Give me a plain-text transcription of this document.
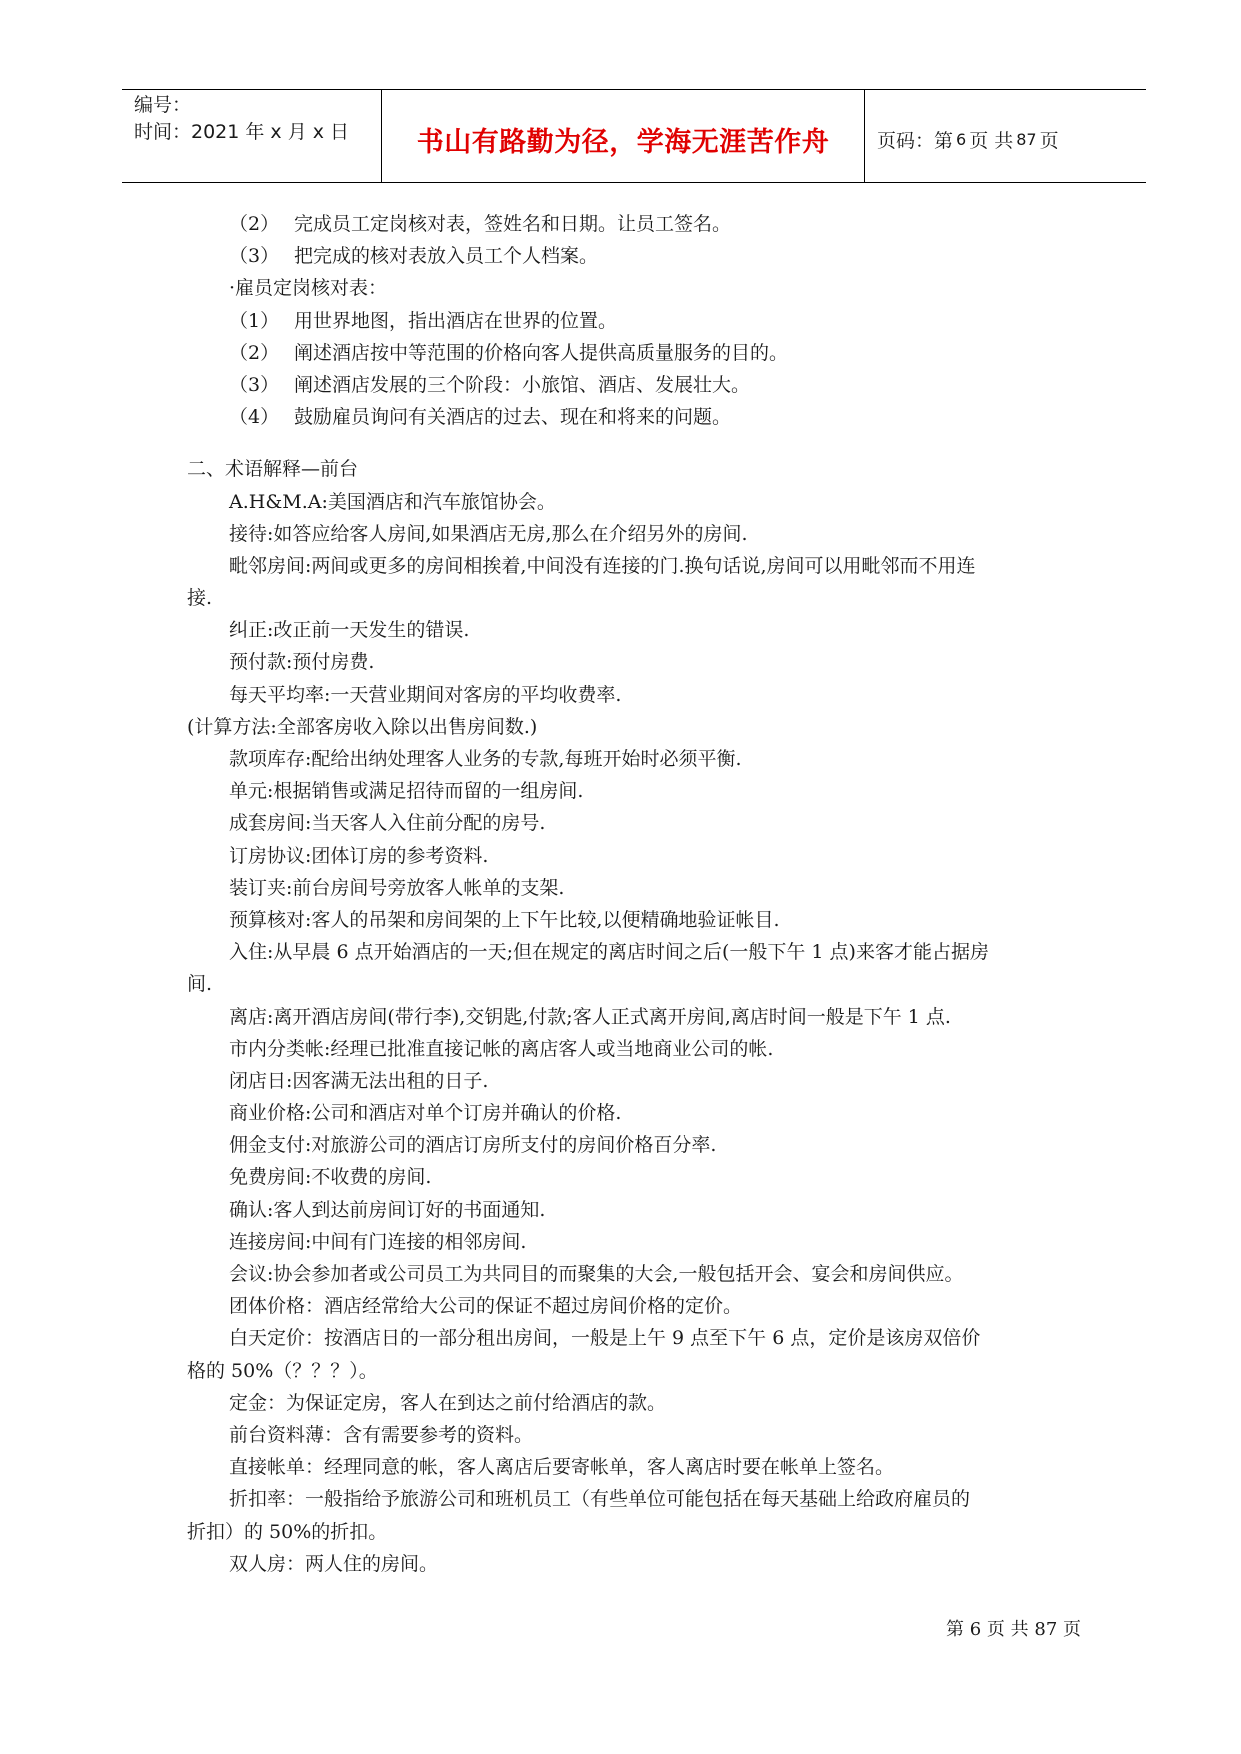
编号：
时间：2021 年 x 月 x 日	书山有路勤为径，学海无涯苦作舟	页码：第 6 页 共 87 页
（2） 完成员工定岗核对表，签姓名和日期。让员工签名。
（3） 把完成的核对表放入员工个人档案。
·雇员定岗核对表：
（1） 用世界地图，指出酒店在世界的位置。
（2） 阐述酒店按中等范围的价格向客人提供高质量服务的目的。
（3） 阐述酒店发展的三个阶段：小旅馆、酒店、发展壮大。
（4） 鼓励雇员询问有关酒店的过去、现在和将来的问题。
二、术语解释—前台
A.H&M.A:美国酒店和汽车旅馆协会。
接待:如答应给客人房间,如果酒店无房,那么在介绍另外的房间.
毗邻房间:两间或更多的房间相挨着,中间没有连接的门.换句话说,房间可以用毗邻而不用连
接.
纠正:改正前一天发生的错误.
预付款:预付房费.
每天平均率:一天营业期间对客房的平均收费率.
(计算方法:全部客房收入除以出售房间数.)
款项库存:配给出纳处理客人业务的专款,每班开始时必须平衡.
单元:根据销售或满足招待而留的一组房间.
成套房间:当天客人入住前分配的房号.
订房协议:团体订房的参考资料.
装订夹:前台房间号旁放客人帐单的支架.
预算核对:客人的吊架和房间架的上下午比较,以便精确地验证帐目.
入住:从早晨 6 点开始酒店的一天;但在规定的离店时间之后(一般下午 1 点)来客才能占据房
间.
离店:离开酒店房间(带行李),交钥匙,付款;客人正式离开房间,离店时间一般是下午 1 点.
市内分类帐:经理已批准直接记帐的离店客人或当地商业公司的帐.
闭店日:因客满无法出租的日子.
商业价格:公司和酒店对单个订房并确认的价格.
佣金支付:对旅游公司的酒店订房所支付的房间价格百分率.
免费房间:不收费的房间.
确认:客人到达前房间订好的书面通知.
连接房间:中间有门连接的相邻房间.
会议:协会参加者或公司员工为共同目的而聚集的大会,一般包括开会、宴会和房间供应。
团体价格：酒店经常给大公司的保证不超过房间价格的定价。
白天定价：按酒店日的一部分租出房间，一般是上午 9 点至下午 6 点，定价是该房双倍价
格的 50%（？？？）。
定金：为保证定房，客人在到达之前付给酒店的款。
前台资料薄：含有需要参考的资料。
直接帐单：经理同意的帐，客人离店后要寄帐单，客人离店时要在帐单上签名。
折扣率：一般指给予旅游公司和班机员工（有些单位可能包括在每天基础上给政府雇员的
折扣）的 50%的折扣。
双人房：两人住的房间。
第 6 页 共 87 页
